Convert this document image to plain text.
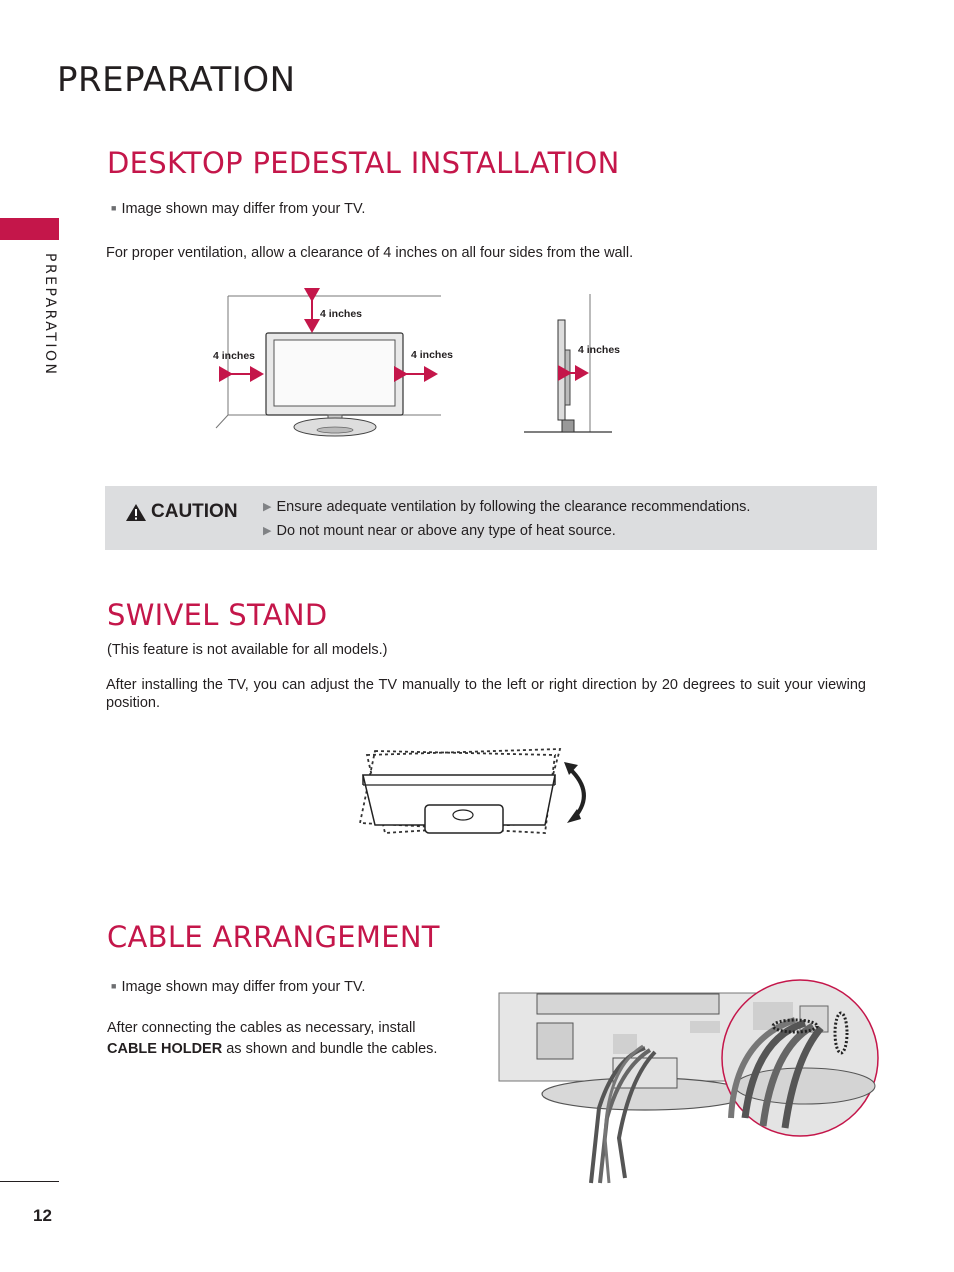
PREPARATION
PREPARATION
DESKTOP PEDESTAL INSTALLATION
■ Image shown may differ from your TV.
For proper ventilation, allow a clearance of 4 inches on all four sides from the wall.
4 inches
4 inches	4 inches	4 inches
CAUTION ▶ Ensure adequate ventilation by following the clearance recommendations.
▶ Do not mount near or above any type of heat source.
SWIVEL STAND
(This feature is not available for all models.)
After installing the TV, you can adjust the TV manually to the left or right direction by 20 degrees to suit your viewing position.
CABLE ARRANGEMENT
■ Image shown may differ from your TV.
After connecting the cables as necessary, install
CABLE HOLDER as shown and bundle the cables.
12
